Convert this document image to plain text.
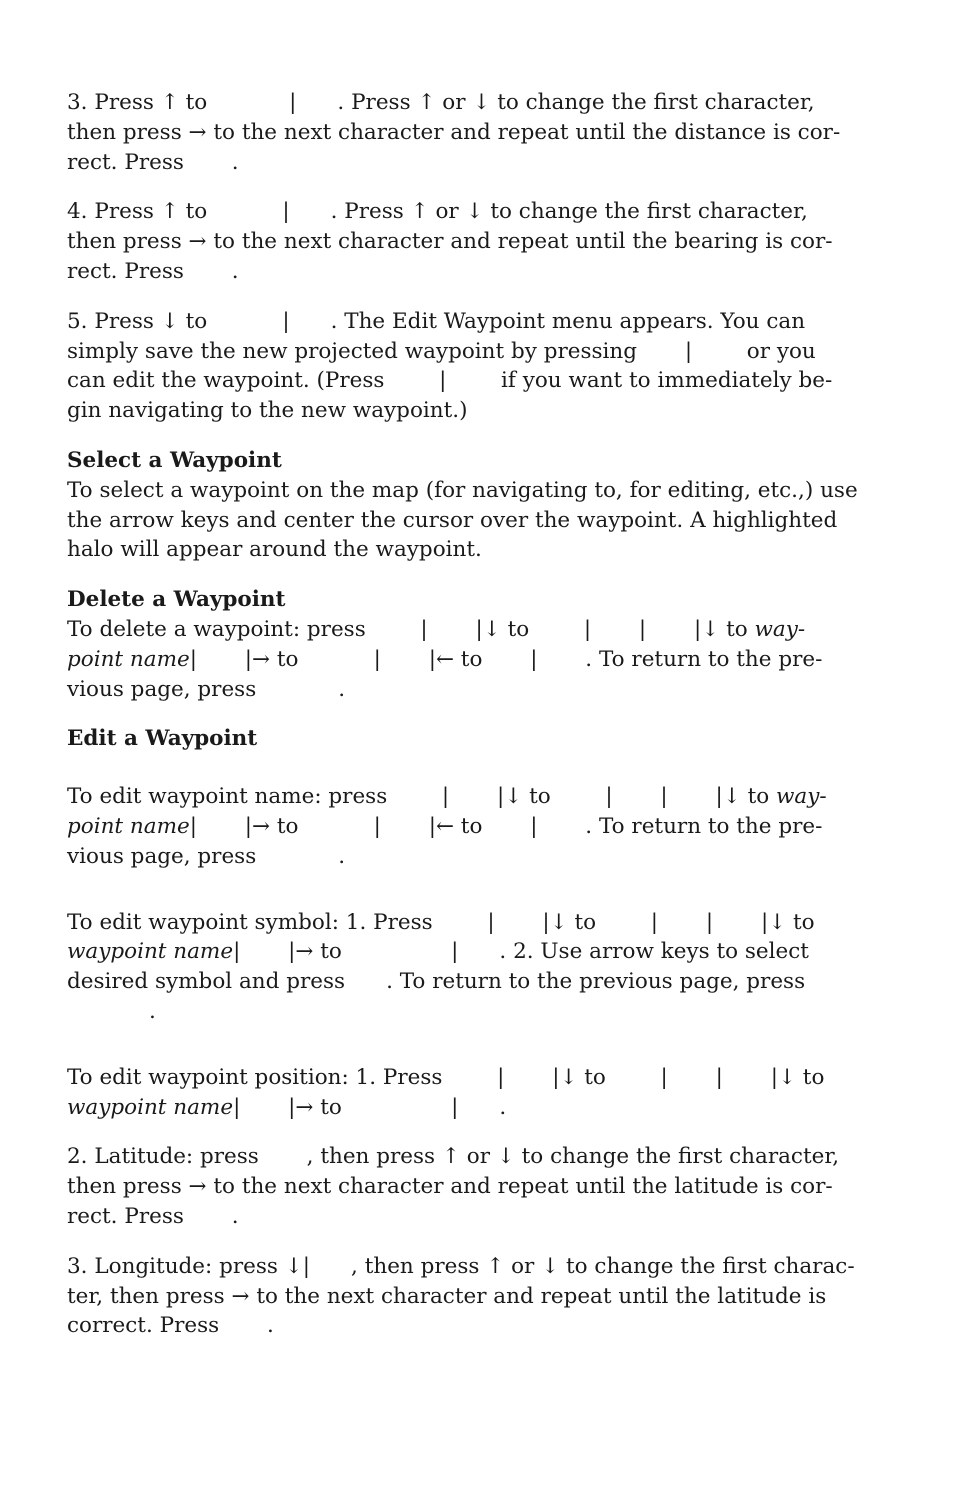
3. Press ↑ to            |      . Press ↑ or ↓ to change the first character,
then press → to the next character and repeat until the distance is cor-
rect. Press       .
4. Press ↑ to           |      . Press ↑ or ↓ to change the first character,
then press → to the next character and repeat until the bearing is cor-
rect. Press       .
5. Press ↓ to           |      . The Edit Waypoint menu appears. You can
simply save the new projected waypoint by pressing       |        or you
can edit the waypoint. (Press        |        if you want to immediately be-
gin navigating to the new waypoint.)
Select a Waypoint
To select a waypoint on the map (for navigating to, for editing, etc.,) use
the arrow keys and center the cursor over the waypoint. A highlighted
halo will appear around the waypoint.
Delete a Waypoint
To delete a waypoint: press        |       |↓ to        |       |       |↓ to way-
point name |       |→ to           |       |← to       |       . To return to the pre-
vious page, press            .
Edit a Waypoint
To edit waypoint name: press        |       |↓ to        |       |       |↓ to way-
point name |       |→ to           |       |← to       |       . To return to the pre-
vious page, press            .
To edit waypoint symbol: 1. Press        |       |↓ to        |       |       |↓ to
waypoint name |       |→ to                |      . 2. Use arrow keys to select
desired symbol and press      . To return to the previous page, press
.
To edit waypoint position: 1. Press        |       |↓ to        |       |       |↓ to
waypoint name |       |→ to                |      .
2. Latitude: press       , then press ↑ or ↓ to change the first character,
then press → to the next character and repeat until the latitude is cor-
rect. Press       .
3. Longitude: press ↓|      , then press ↑ or ↓ to change the first charac-
ter, then press → to the next character and repeat until the latitude is
correct. Press       .
